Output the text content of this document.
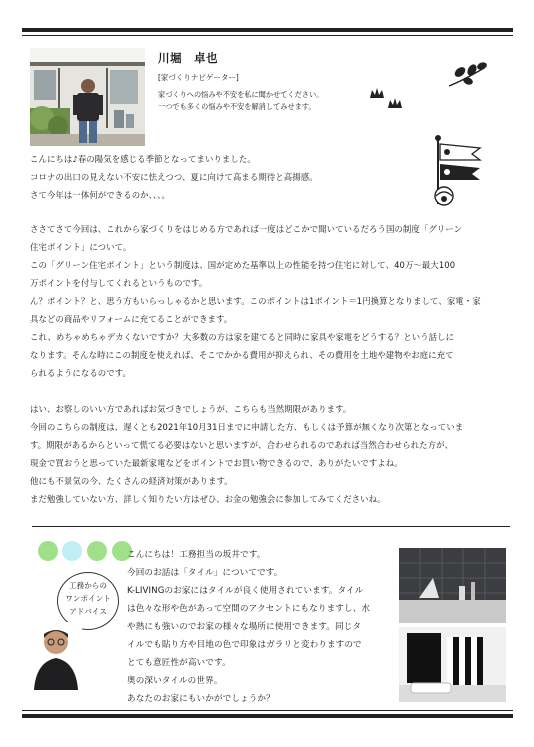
川堀　卓也
[家づくりナビゲーター]
家づくりへの悩みや不安を私に聞かせてください。
一つでも多くの悩みや不安を解消してみせます。
こんにちは♪春の陽気を感じる季節となってまいりました。
コロナの出口の見えない不安に怯えつつ、夏に向けて高まる期待と高揚感。
さて今年は一体何ができるのか、、、。
ささてさて今回は、これから家づくりをはじめる方であれば一度はどこかで聞いているだろう国の制度「グリーン
住宅ポイント」について。
この「グリーン住宅ポイント」という制度は、国が定めた基準以上の性能を持つ住宅に対して、40万～最大100
万ポイントを付与してくれるというものです。
ん？ポイント？と、思う方もいらっしゃるかと思います。このポイントは1ポイント＝1円換算となりまして、家電・家
具などの商品やリフォームに充てることができます。
これ、めちゃめちゃデカくないですか？大多数の方は家を建てると同時に家具や家電をどうする？という話しに
なります。そんな時にこの制度を使えれば、そこでかかる費用が抑えられ、その費用を土地や建物やお庭に充て
られるようになるのです。
はい、お察しのいい方であればお気づきでしょうが、こちらも当然期限があります。
今回のこちらの制度は、遅くとも2021年10月31日までに申請した方、もしくは予算が無くなり次第となっていま
す。期限があるからといって慌てる必要はないと思いますが、合わせられるのであれば当然合わせられた方が、
現金で買おうと思っていた最新家電などをポイントでお買い物できるので、ありがたいですよね。
他にも不景気の今、たくさんの経済対策があります。
まだ勉強していない方、詳しく知りたい方はぜひ、お金の勉強会に参加してみてくださいね。
工務からの
ワンポイント
アドバイス
こんにちは！工務担当の坂井です。
今回のお話は「タイル」についてです。
K-LIVINGのお家にはタイルが良く使用されています。タイル
は色々な形や色があって空間のアクセントにもなりますし、水
や熱にも強いのでお家の様々な場所に使用できます。同じタ
イルでも貼り方や目地の色で印象はガラリと変わりますので
とても意匠性が高いです。
奥の深いタイルの世界。
あなたのお家にもいかがでしょうか？
